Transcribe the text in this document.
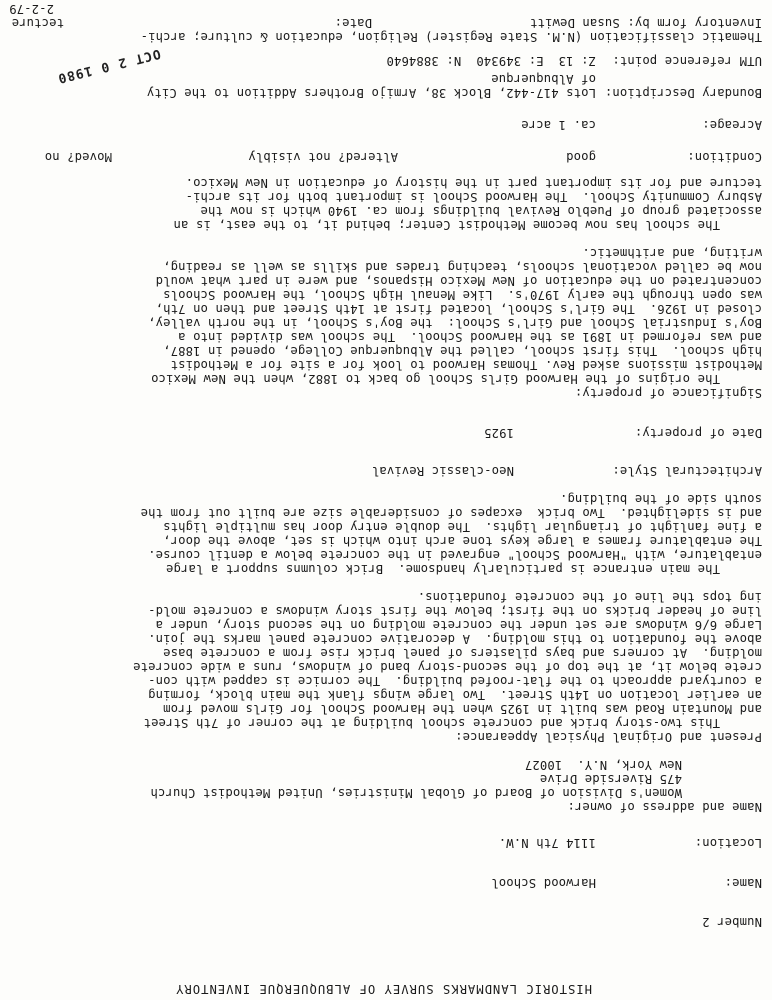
HISTORIC LANDMARKS SURVEY OF ALBUQUERQUE INVENTORY
Number 2
Name:
Harwood School
Location:
1114 7th N.W.
Name and address of owner:
Women's Division of Board of Global Ministries, United Methodist Church
475 Riverside Drive
New York, N.Y.  10027
Present and Original Physical Appearance:
This two-story brick and concrete school building at the corner of 7th Street
and Mountain Road was built in 1925 when the Harwood School for Girls moved from
an earlier location on 14th Street.  Two large wings flank the main block, forming
a courtyard approach to the flat-roofed building.  The cornice is capped with con-
crete below it, at the top of the second-story band of windows, runs a wide concrete
molding.  At corners and bays pilasters of panel brick rise from a concrete base
above the foundation to this molding.  A decorative concrete panel marks the join.
Large 6/6 windows are set under the concrete molding on the second story, under a
line of header bricks on the first; below the first story windows a concrete mold-
ing tops the line of the concrete foundations.
The main entrance is particularly handsome.  Brick columns support a large
entablature, with "Harwood School" engraved in the concrete below a dentil course.
The entablature frames a large keys tone arch into which is set, above the door,
a fine fanlight of triangular lights.  The double entry door has multiple lights
and is sidelighted.  Two brick  excapes of considerable size are built out from the
south side of the building.
Architectural Style:
Neo-classic Revival
Date of property:
1925
Significance of property:
The origins of the Harwood Girls School go back to 1882, when the New Mexico
Methodist missions asked Rev. Thomas Harwood to look for a site for a Methodist
high school.  This first school, called the Albuquerque College, opened in 1887,
and was reformed in 1891 as the Harwood School.  The school was divided into a
Boy's Industrial School and Girl's School:  the Boy's School, in the north valley,
closed in 1926.  The Girl's School, located first at 14th Street and then on 7th,
was open through the early 1970's.  Like Menaul High School, the Harwood Schools
concentrated on the education of New Mexico Hispanos, and were in part what would
now be called vocational schools, teaching trades and skills as well as reading,
writing, and arithmetic.
The school has now become Methodist Center; behind it, to the east, is an
associated group of Pueblo Revival buildings from ca. 1940 which is now the
Asbury Community School.  The Harwood School is important both for its archi-
tecture and for its important part in the history of education in New Mexico.
Condition:
good
Altered? not visibly
Moved? no
Acreage:
ca. 1 acre
Boundary Description:
Lots 417-442, Block 38, Armijo Brothers Addition to the City
of Albuquerque
UTM reference point:
Z: 13  E: 349340  N: 3884640
OCT 2 0 1980
Thematic classification (N.M. State Register) Religion, education & culture; archi-
Inventory form by: Susan Dewitt
Date:
tecture
2-2-79
